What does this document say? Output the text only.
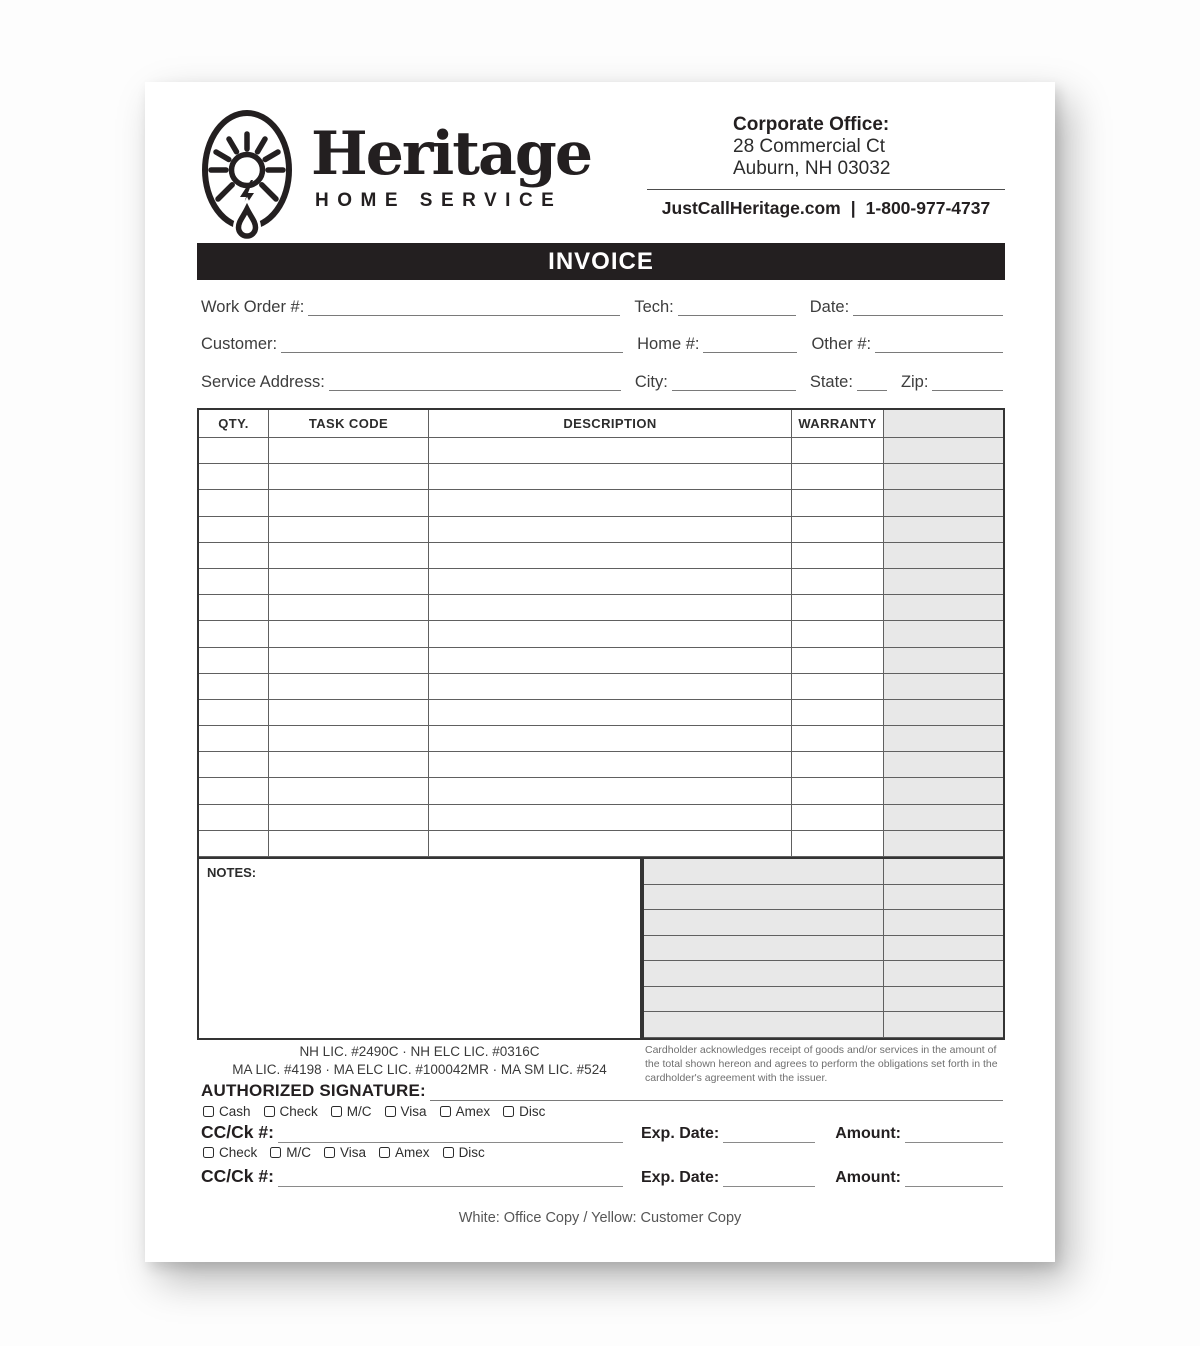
Heritage
HOME SERVICE
Corporate Office:
28 Commercial Ct
Auburn, NH 03032
JustCallHeritage.com | 1-800-977-4737
INVOICE
Work Order #:	Tech:	Date:
Customer:	Home #:	Other #:
Service Address:	City:	State:	Zip:
QTY.	TASK CODE	DESCRIPTION	WARRANTY
NOTES:
NH LIC. #2490C · NH ELC LIC. #0316C
MA LIC. #4198 · MA ELC LIC. #100042MR · MA SM LIC. #524
Cardholder acknowledges receipt of goods and/or services in the amount of the total shown hereon and agrees to perform the obligations set forth in the cardholder's agreement with the issuer.
AUTHORIZED SIGNATURE:
Cash Check M/C Visa Amex Disc
CC/Ck #:	Exp. Date:	Amount:
Check M/C Visa Amex Disc
CC/Ck #:	Exp. Date:	Amount:
White: Office Copy / Yellow: Customer Copy
